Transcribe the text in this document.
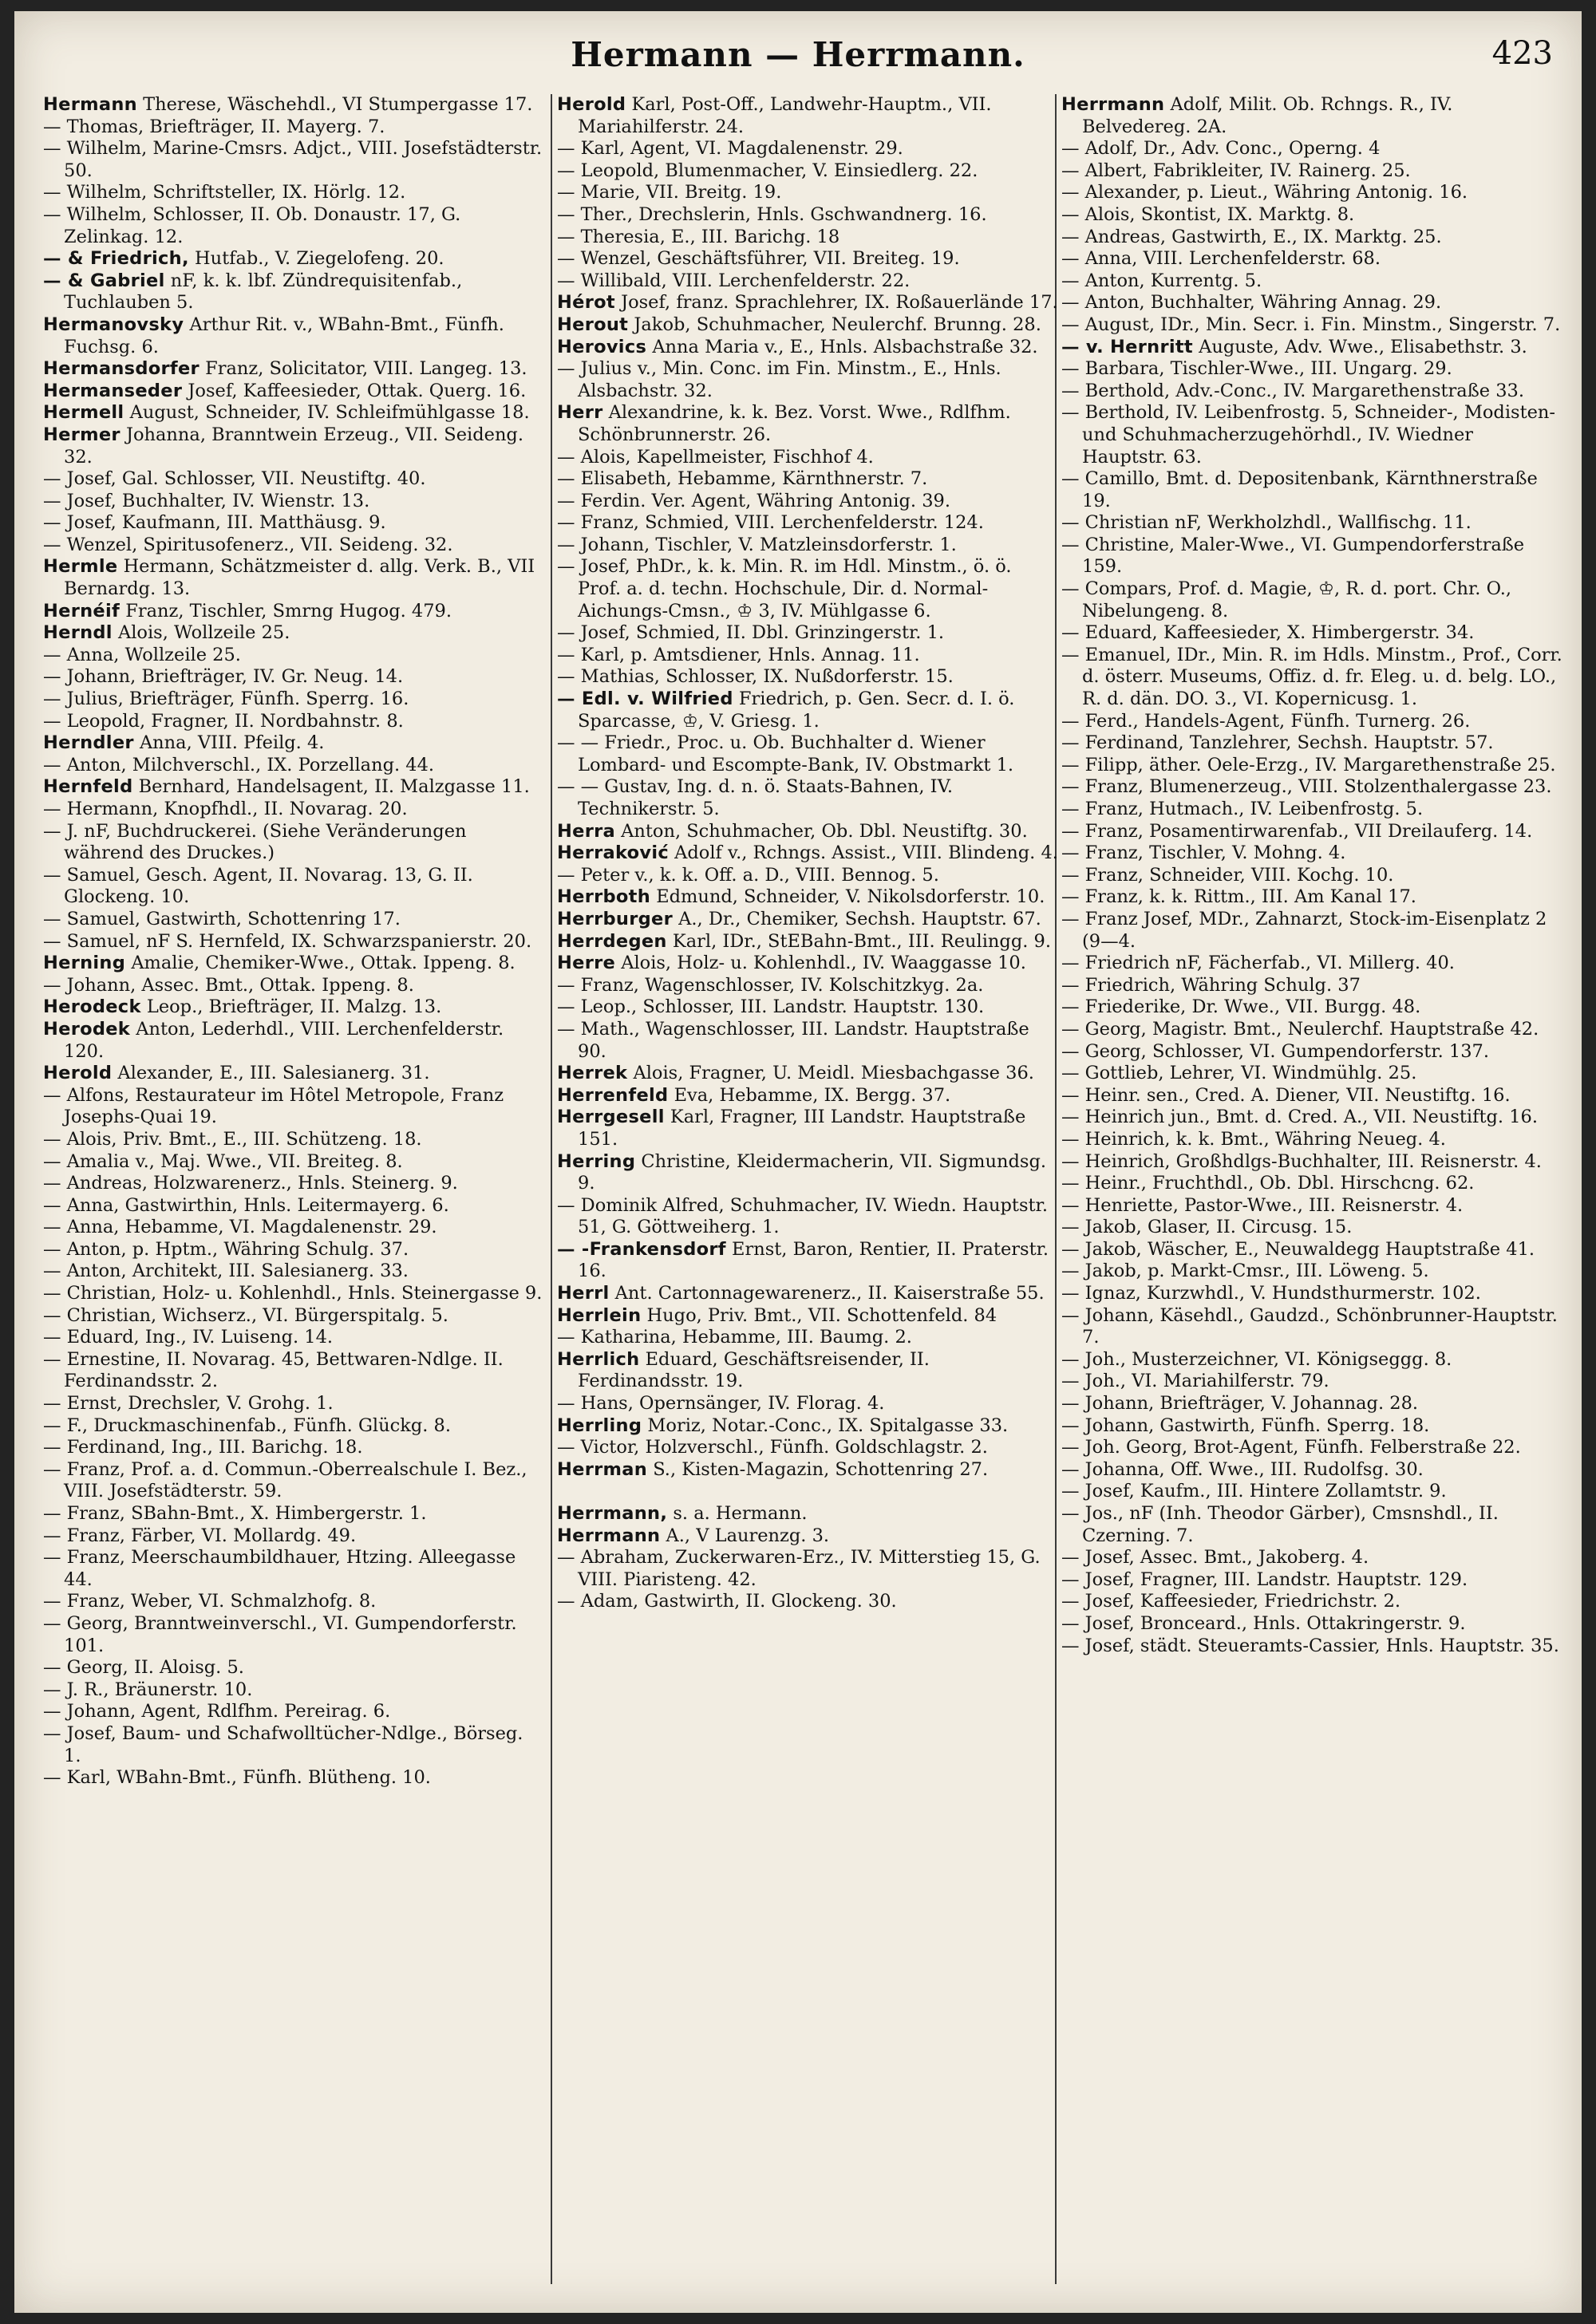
Hermann — Herrmann.	423

Hermann Therese, Wäschehdl., VI Stumpergasse 17.

— Thomas, Briefträger, II. Mayerg. 7.

— Wilhelm, Marine-Cmsrs. Adjct., VIII. Josefstädterstr. 50.

— Wilhelm, Schriftsteller, IX. Hörlg. 12.

— Wilhelm, Schlosser, II. Ob. Donaustr. 17, G. Zelinkag. 12.

— & Friedrich, Hutfab., V. Ziegelofeng. 20.

— & Gabriel nF, k. k. lbf. Zündrequisitenfab., Tuchlauben 5.

Hermanovsky Arthur Rit. v., WBahn-Bmt., Fünfh. Fuchsg. 6.

Hermansdorfer Franz, Solicitator, VIII. Langeg. 13.

Hermanseder Josef, Kaffeesieder, Ottak. Querg. 16.

Hermell August, Schneider, IV. Schleifmühlgasse 18.

Hermer Johanna, Branntwein Erzeug., VII. Seideng. 32.

— Josef, Gal. Schlosser, VII. Neustiftg. 40.

— Josef, Buchhalter, IV. Wienstr. 13.

— Josef, Kaufmann, III. Matthäusg. 9.

— Wenzel, Spiritusofenerz., VII. Seideng. 32.

Hermle Hermann, Schätzmeister d. allg. Verk. B., VII Bernardg. 13.

Hernéif Franz, Tischler, Smrng Hugog. 479.

Herndl Alois, Wollzeile 25.

— Anna, Wollzeile 25.

— Johann, Briefträger, IV. Gr. Neug. 14.

— Julius, Briefträger, Fünfh. Sperrg. 16.

— Leopold, Fragner, II. Nordbahnstr. 8.

Herndler Anna, VIII. Pfeilg. 4.

— Anton, Milchverschl., IX. Porzellang. 44.

Hernfeld Bernhard, Handelsagent, II. Malzgasse 11.

— Hermann, Knopfhdl., II. Novarag. 20.

— J. nF, Buchdruckerei. (Siehe Veränderungen während des Druckes.)

— Samuel, Gesch. Agent, II. Novarag. 13, G. II. Glockeng. 10.

— Samuel, Gastwirth, Schottenring 17.

— Samuel, nF S. Hernfeld, IX. Schwarzspanierstr. 20.

Herning Amalie, Chemiker-Wwe., Ottak. Ippeng. 8.

— Johann, Assec. Bmt., Ottak. Ippeng. 8.

Herodeck Leop., Briefträger, II. Malzg. 13.

Herodek Anton, Lederhdl., VIII. Lerchenfelderstr. 120.

Herold Alexander, E., III. Salesianerg. 31.

— Alfons, Restaurateur im Hôtel Metropole, Franz Josephs-Quai 19.

— Alois, Priv. Bmt., E., III. Schützeng. 18.

— Amalia v., Maj. Wwe., VII. Breiteg. 8.

— Andreas, Holzwarenerz., Hnls. Steinerg. 9.

— Anna, Gastwirthin, Hnls. Leitermayerg. 6.

— Anna, Hebamme, VI. Magdalenenstr. 29.

— Anton, p. Hptm., Währing Schulg. 37.

— Anton, Architekt, III. Salesianerg. 33.

— Christian, Holz- u. Kohlenhdl., Hnls. Steinergasse 9.

— Christian, Wichserz., VI. Bürgerspitalg. 5.

— Eduard, Ing., IV. Luiseng. 14.

— Ernestine, II. Novarag. 45, Bettwaren-Ndlge. II. Ferdinandsstr. 2.

— Ernst, Drechsler, V. Grohg. 1.

— F., Druckmaschinenfab., Fünfh. Glückg. 8.

— Ferdinand, Ing., III. Barichg. 18.

— Franz, Prof. a. d. Commun.-Oberrealschule I. Bez., VIII. Josefstädterstr. 59.

— Franz, SBahn-Bmt., X. Himbergerstr. 1.

— Franz, Färber, VI. Mollardg. 49.

— Franz, Meerschaumbildhauer, Htzing. Alleegasse 44.

— Franz, Weber, VI. Schmalzhofg. 8.

— Georg, Branntweinverschl., VI. Gumpendorferstr. 101.

— Georg, II. Aloisg. 5.

— J. R., Bräunerstr. 10.

— Johann, Agent, Rdlfhm. Pereirag. 6.

— Josef, Baum- und Schafwolltücher-Ndlge., Börseg. 1.

— Karl, WBahn-Bmt., Fünfh. Blütheng. 10.

Herold Karl, Post-Off., Landwehr-Hauptm., VII. Mariahilferstr. 24.

— Karl, Agent, VI. Magdalenenstr. 29.

— Leopold, Blumenmacher, V. Einsiedlerg. 22.

— Marie, VII. Breitg. 19.

— Ther., Drechslerin, Hnls. Gschwandnerg. 16.

— Theresia, E., III. Barichg. 18

— Wenzel, Geschäftsführer, VII. Breiteg. 19.

— Willibald, VIII. Lerchenfelderstr. 22.

Hérot Josef, franz. Sprachlehrer, IX. Roßauerlände 17.

Herout Jakob, Schuhmacher, Neulerchf. Brunng. 28.

Herovics Anna Maria v., E., Hnls. Alsbachstraße 32.

— Julius v., Min. Conc. im Fin. Minstm., E., Hnls. Alsbachstr. 32.

Herr Alexandrine, k. k. Bez. Vorst. Wwe., Rdlfhm. Schönbrunnerstr. 26.

— Alois, Kapellmeister, Fischhof 4.

— Elisabeth, Hebamme, Kärnthnerstr. 7.

— Ferdin. Ver. Agent, Währing Antonig. 39.

— Franz, Schmied, VIII. Lerchenfelderstr. 124.

— Johann, Tischler, V. Matzleinsdorferstr. 1.

— Josef, PhDr., k. k. Min. R. im Hdl. Minstm., ö. ö. Prof. a. d. techn. Hochschule, Dir. d. Normal-Aichungs-Cmsn., ♔ 3, IV. Mühlgasse 6.

— Josef, Schmied, II. Dbl. Grinzingerstr. 1.

— Karl, p. Amtsdiener, Hnls. Annag. 11.

— Mathias, Schlosser, IX. Nußdorferstr. 15.

— Edl. v. Wilfried Friedrich, p. Gen. Secr. d. I. ö. Sparcasse, ♔, V. Griesg. 1.

— — Friedr., Proc. u. Ob. Buchhalter d. Wiener Lombard- und Escompte-Bank, IV. Obstmarkt 1.

— — Gustav, Ing. d. n. ö. Staats-Bahnen, IV. Technikerstr. 5.

Herra Anton, Schuhmacher, Ob. Dbl. Neustiftg. 30.

Herraković Adolf v., Rchngs. Assist., VIII. Blindeng. 4.

— Peter v., k. k. Off. a. D., VIII. Bennog. 5.

Herrboth Edmund, Schneider, V. Nikolsdorferstr. 10.

Herrburger A., Dr., Chemiker, Sechsh. Hauptstr. 67.

Herrdegen Karl, IDr., StEBahn-Bmt., III. Reulingg. 9.

Herre Alois, Holz- u. Kohlenhdl., IV. Waaggasse 10.

— Franz, Wagenschlosser, IV. Kolschitzkyg. 2a.

— Leop., Schlosser, III. Landstr. Hauptstr. 130.

— Math., Wagenschlosser, III. Landstr. Hauptstraße 90.

Herrek Alois, Fragner, U. Meidl. Miesbachgasse 36.

Herrenfeld Eva, Hebamme, IX. Bergg. 37.

Herrgesell Karl, Fragner, III Landstr. Hauptstraße 151.

Herring Christine, Kleidermacherin, VII. Sigmundsg. 9.

— Dominik Alfred, Schuhmacher, IV. Wiedn. Hauptstr. 51, G. Göttweiherg. 1.

— -Frankensdorf Ernst, Baron, Rentier, II. Praterstr. 16.

Herrl Ant. Cartonnagewarenerz., II. Kaiserstraße 55.

Herrlein Hugo, Priv. Bmt., VII. Schottenfeld. 84

— Katharina, Hebamme, III. Baumg. 2.

Herrlich Eduard, Geschäftsreisender, II. Ferdinandsstr. 19.

— Hans, Opernsänger, IV. Florag. 4.

Herrling Moriz, Notar.-Conc., IX. Spitalgasse 33.

— Victor, Holzverschl., Fünfh. Goldschlagstr. 2.

Herrman S., Kisten-Magazin, Schottenring 27.

Herrmann, s. a. Hermann.

Herrmann A., V Laurenzg. 3.

— Abraham, Zuckerwaren-Erz., IV. Mitterstieg 15, G. VIII. Piaristeng. 42.

— Adam, Gastwirth, II. Glockeng. 30.

Herrmann Adolf, Milit. Ob. Rchngs. R., IV. Belvedereg. 2A.

— Adolf, Dr., Adv. Conc., Operng. 4

— Albert, Fabrikleiter, IV. Rainerg. 25.

— Alexander, p. Lieut., Währing Antonig. 16.

— Alois, Skontist, IX. Marktg. 8.

— Andreas, Gastwirth, E., IX. Marktg. 25.

— Anna, VIII. Lerchenfelderstr. 68.

— Anton, Kurrentg. 5.

— Anton, Buchhalter, Währing Annag. 29.

— August, IDr., Min. Secr. i. Fin. Minstm., Singerstr. 7.

— v. Hernritt Auguste, Adv. Wwe., Elisabethstr. 3.

— Barbara, Tischler-Wwe., III. Ungarg. 29.

— Berthold, Adv.-Conc., IV. Margarethenstraße 33.

— Berthold, IV. Leibenfrostg. 5, Schneider-, Modisten- und Schuhmacherzugehörhdl., IV. Wiedner Hauptstr. 63.

— Camillo, Bmt. d. Depositenbank, Kärnthnerstraße 19.

— Christian nF, Werkholzhdl., Wallfischg. 11.

— Christine, Maler-Wwe., VI. Gumpendorferstraße 159.

— Compars, Prof. d. Magie, ♔, R. d. port. Chr. O., Nibelungeng. 8.

— Eduard, Kaffeesieder, X. Himbergerstr. 34.

— Emanuel, IDr., Min. R. im Hdls. Minstm., Prof., Corr. d. österr. Museums, Offiz. d. fr. Eleg. u. d. belg. LO., R. d. dän. DO. 3., VI. Kopernicusg. 1.

— Ferd., Handels-Agent, Fünfh. Turnerg. 26.

— Ferdinand, Tanzlehrer, Sechsh. Hauptstr. 57.

— Filipp, äther. Oele-Erzg., IV. Margarethenstraße 25.

— Franz, Blumenerzeug., VIII. Stolzenthalergasse 23.

— Franz, Hutmach., IV. Leibenfrostg. 5.

— Franz, Posamentirwarenfab., VII Dreilauferg. 14.

— Franz, Tischler, V. Mohng. 4.

— Franz, Schneider, VIII. Kochg. 10.

— Franz, k. k. Rittm., III. Am Kanal 17.

— Franz Josef, MDr., Zahnarzt, Stock-im-Eisenplatz 2 (9—4.

— Friedrich nF, Fächerfab., VI. Millerg. 40.

— Friedrich, Währing Schulg. 37

— Friederike, Dr. Wwe., VII. Burgg. 48.

— Georg, Magistr. Bmt., Neulerchf. Hauptstraße 42.

— Georg, Schlosser, VI. Gumpendorferstr. 137.

— Gottlieb, Lehrer, VI. Windmühlg. 25.

— Heinr. sen., Cred. A. Diener, VII. Neustiftg. 16.

— Heinrich jun., Bmt. d. Cred. A., VII. Neustiftg. 16.

— Heinrich, k. k. Bmt., Währing Neueg. 4.

— Heinrich, Großhdlgs-Buchhalter, III. Reisnerstr. 4.

— Heinr., Fruchthdl., Ob. Dbl. Hirschcng. 62.

— Henriette, Pastor-Wwe., III. Reisnerstr. 4.

— Jakob, Glaser, II. Circusg. 15.

— Jakob, Wäscher, E., Neuwaldegg Hauptstraße 41.

— Jakob, p. Markt-Cmsr., III. Löweng. 5.

— Ignaz, Kurzwhdl., V. Hundsthurmerstr. 102.

— Johann, Käsehdl., Gaudzd., Schönbrunner-Hauptstr. 7.

— Joh., Musterzeichner, VI. Königseggg. 8.

— Joh., VI. Mariahilferstr. 79.

— Johann, Briefträger, V. Johannag. 28.

— Johann, Gastwirth, Fünfh. Sperrg. 18.

— Joh. Georg, Brot-Agent, Fünfh. Felberstraße 22.

— Johanna, Off. Wwe., III. Rudolfsg. 30.

— Josef, Kaufm., III. Hintere Zollamtstr. 9.

— Jos., nF (Inh. Theodor Gärber), Cmsnshdl., II. Czerning. 7.

— Josef, Assec. Bmt., Jakoberg. 4.

— Josef, Fragner, III. Landstr. Hauptstr. 129.

— Josef, Kaffeesieder, Friedrichstr. 2.

— Josef, Bronceard., Hnls. Ottakringerstr. 9.

— Josef, städt. Steueramts-Cassier, Hnls. Hauptstr. 35.
